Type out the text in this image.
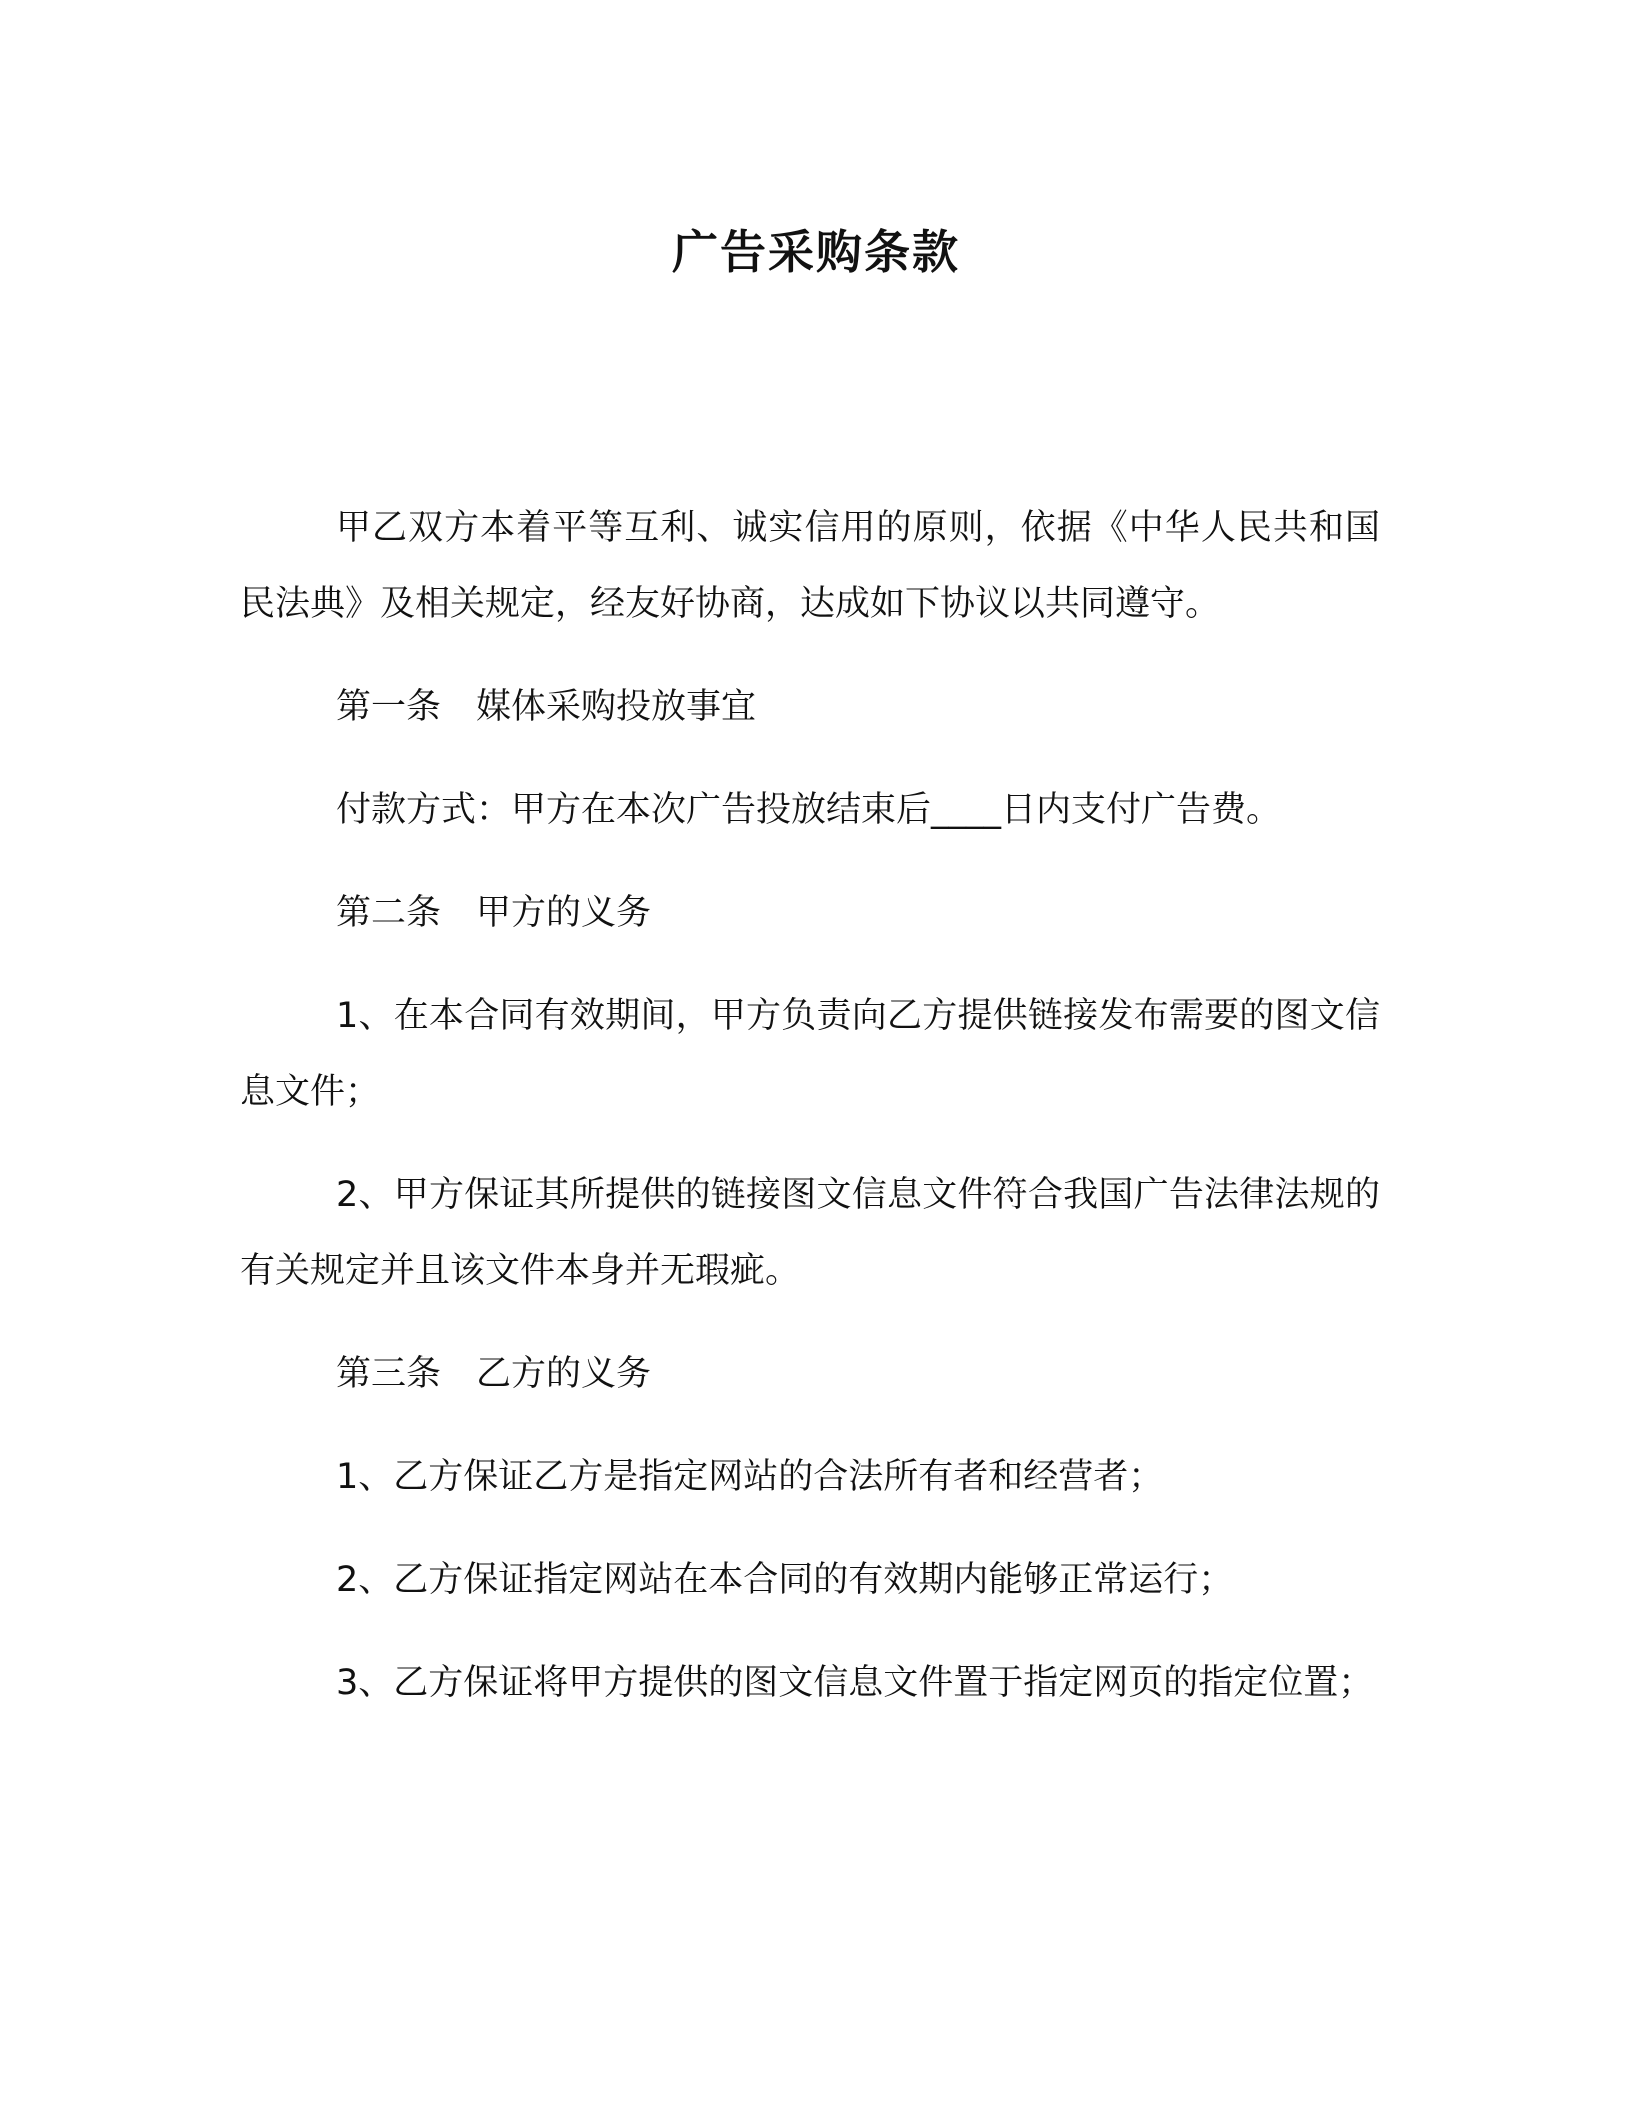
广告采购条款

甲乙双方本着平等互利、诚实信用的原则，依据《中华人民共和国民法典》及相关规定，经友好协商，达成如下协议以共同遵守。

第一条　媒体采购投放事宜

付款方式：甲方在本次广告投放结束后____日内支付广告费。

第二条　甲方的义务

1、在本合同有效期间，甲方负责向乙方提供链接发布需要的图文信息文件；

2、甲方保证其所提供的链接图文信息文件符合我国广告法律法规的有关规定并且该文件本身并无瑕疵。

第三条　乙方的义务

1、乙方保证乙方是指定网站的合法所有者和经营者；

2、乙方保证指定网站在本合同的有效期内能够正常运行；

3、乙方保证将甲方提供的图文信息文件置于指定网页的指定位置；
